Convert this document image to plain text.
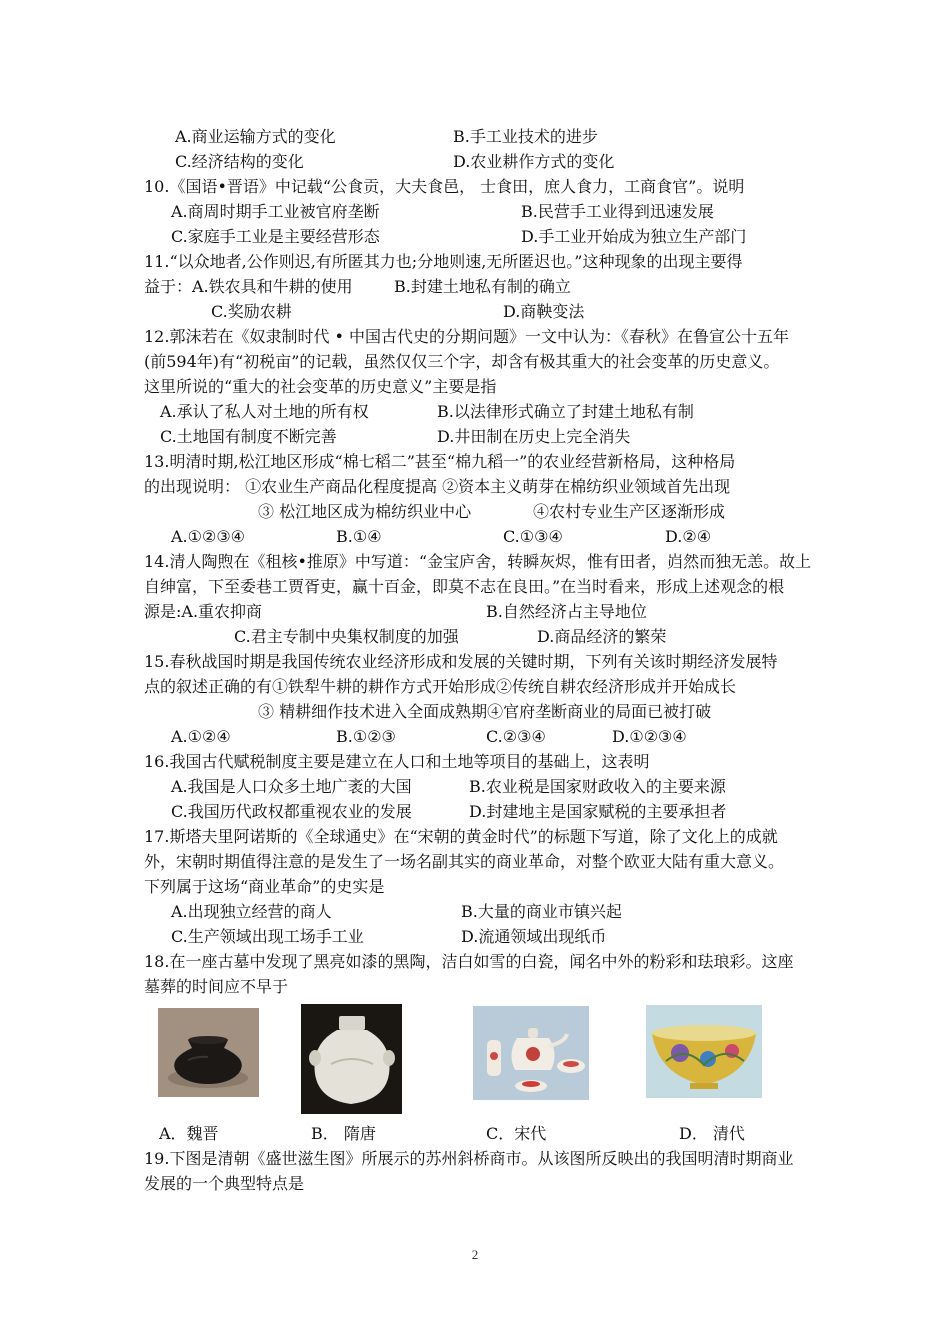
A.商业运输方式的变化	B.手工业技术的进步
C.经济结构的变化	D.农业耕作方式的变化
10.《国语•晋语》中记载“公食贡，大夫食邑， 士食田，庶人食力，工商食官”。说明
A.商周时期手工业被官府垄断	B.民营手工业得到迅速发展
C.家庭手工业是主要经营形态	D.手工业开始成为独立生产部门
11.“以众地者,公作则迟,有所匿其力也;分地则速,无所匿迟也。”这种现象的出现主要得
益于：A.铁农具和牛耕的使用	B.封建土地私有制的确立
C.奖励农耕	D.商鞅变法
12.郭沫若在《奴隶制时代 • 中国古代史的分期问题》一文中认为：《春秋》在鲁宣公十五年
(前594年)有“初税亩”的记载，虽然仅仅三个字，却含有极其重大的社会变革的历史意义。
这里所说的“重大的社会变革的历史意义”主要是指
A.承认了私人对土地的所有权	B.以法律形式确立了封建土地私有制
C.土地国有制度不断完善	D.井田制在历史上完全消失
13.明清时期,松江地区形成“棉七稻二”甚至“棉九稻一”的农业经营新格局，这种格局
的出现说明： ①农业生产商品化程度提高 ②资本主义萌芽在棉纺织业领域首先出现
③ 松江地区成为棉纺织业中心	④农村专业生产区逐渐形成
A.①②③④	B.①④	C.①③④	D.②④
14.清人陶煦在《租核•推原》中写道：“金宝庐舍，转瞬灰烬，惟有田者，岿然而独无恙。故上
自绅富，下至委巷工贾胥吏，赢十百金，即莫不志在良田。”在当时看来，形成上述观念的根
源是:A.重农抑商	B.自然经济占主导地位
C.君主专制中央集权制度的加强	D.商品经济的繁荣
15.春秋战国时期是我国传统农业经济形成和发展的关键时期，下列有关该时期经济发展特
点的叙述正确的有①铁犁牛耕的耕作方式开始形成②传统自耕农经济形成并开始成长
③ 精耕细作技术进入全面成熟期④官府垄断商业的局面已被打破
A.①②④	B.①②③	C.②③④	D.①②③④
16.我国古代赋税制度主要是建立在人口和土地等项目的基础上，这表明
A.我国是人口众多土地广袤的大国	B.农业税是国家财政收入的主要来源
C.我国历代政权都重视农业的发展	D.封建地主是国家赋税的主要承担者
17.斯塔夫里阿诺斯的《全球通史》在“宋朝的黄金时代”的标题下写道，除了文化上的成就
外，宋朝时期值得注意的是发生了一场名副其实的商业革命，对整个欧亚大陆有重大意义。
下列属于这场“商业革命”的史实是
A.出现独立经营的商人	B.大量的商业市镇兴起
C.生产领域出现工场手工业	D.流通领域出现纸币
18.在一座古墓中发现了黑亮如漆的黑陶，洁白如雪的白瓷，闻名中外的粉彩和珐琅彩。这座
墓葬的时间应不早于
A．魏晋	B． 隋唐	C．宋代	D． 清代
19.下图是清朝《盛世滋生图》所展示的苏州斜桥商市。从该图所反映出的我国明清时期商业
发展的一个典型特点是
2
